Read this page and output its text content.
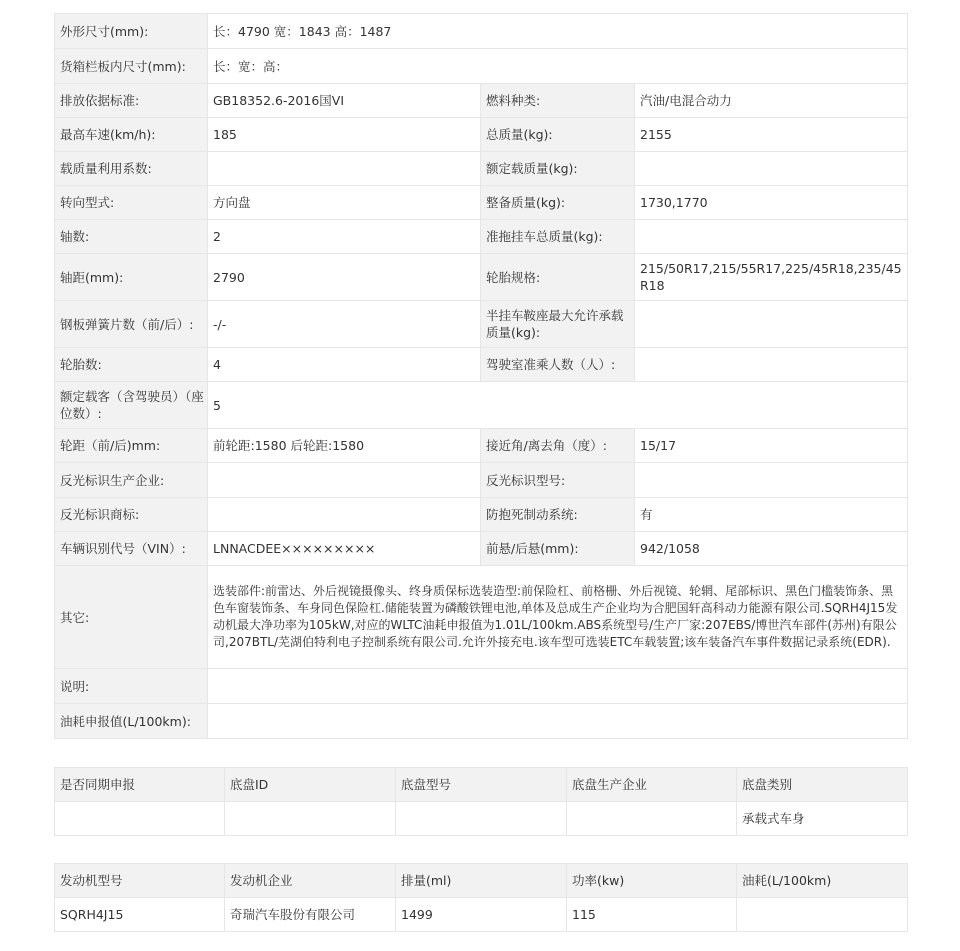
外形尺寸(mm):	长：4790 宽：1843 高：1487		
货箱栏板内尺寸(mm):	长：宽：高：		
排放依据标准:	GB18352.6-2016国VI	燃料种类:	汽油/电混合动力
最高车速(km/h):	185	总质量(kg):	2155
载质量利用系数:		额定载质量(kg):	
转向型式:	方向盘	整备质量(kg):	1730,1770
轴数:	2	准拖挂车总质量(kg):	
轴距(mm):	2790	轮胎规格:	215/50R17,215/55R17,225/45R18,235/45R18
钢板弹簧片数（前/后）:	-/-	半挂车鞍座最大允许承载质量(kg):	
轮胎数:	4	驾驶室准乘人数（人）:	
额定载客（含驾驶员）（座位数）:	5		
轮距（前/后)mm:	前轮距:1580 后轮距:1580	接近角/离去角（度）:	15/17
反光标识生产企业:		反光标识型号:	
反光标识商标:		防抱死制动系统:	有
车辆识别代号（VIN）:	LNNACDEE×××××××××	前悬/后悬(mm):	942/1058
其它:	选装部件:前雷达、外后视镜摄像头、终身质保标选装造型:前保险杠、前格栅、外后视镜、轮辋、尾部标识、黑色门槛装饰条、黑色车窗装饰条、车身同色保险杠.储能装置为磷酸铁锂电池,单体及总成生产企业均为合肥国轩高科动力能源有限公司.SQRH4J15发动机最大净功率为105kW,对应的WLTC油耗申报值为1.01L/100km.ABS系统型号/生产厂家:207EBS/博世汽车部件(苏州)有限公司,207BTL/芜湖伯特利电子控制系统有限公司.允许外接充电.该车型可选装ETC车载装置;该车装备汽车事件数据记录系统(EDR).		
说明:			
油耗申报值(L/100km):			
是否同期申报	底盘ID	底盘型号	底盘生产企业	底盘类别
				承载式车身
发动机型号	发动机企业	排量(ml)	功率(kw)	油耗(L/100km)
SQRH4J15	奇瑞汽车股份有限公司	1499	115	
